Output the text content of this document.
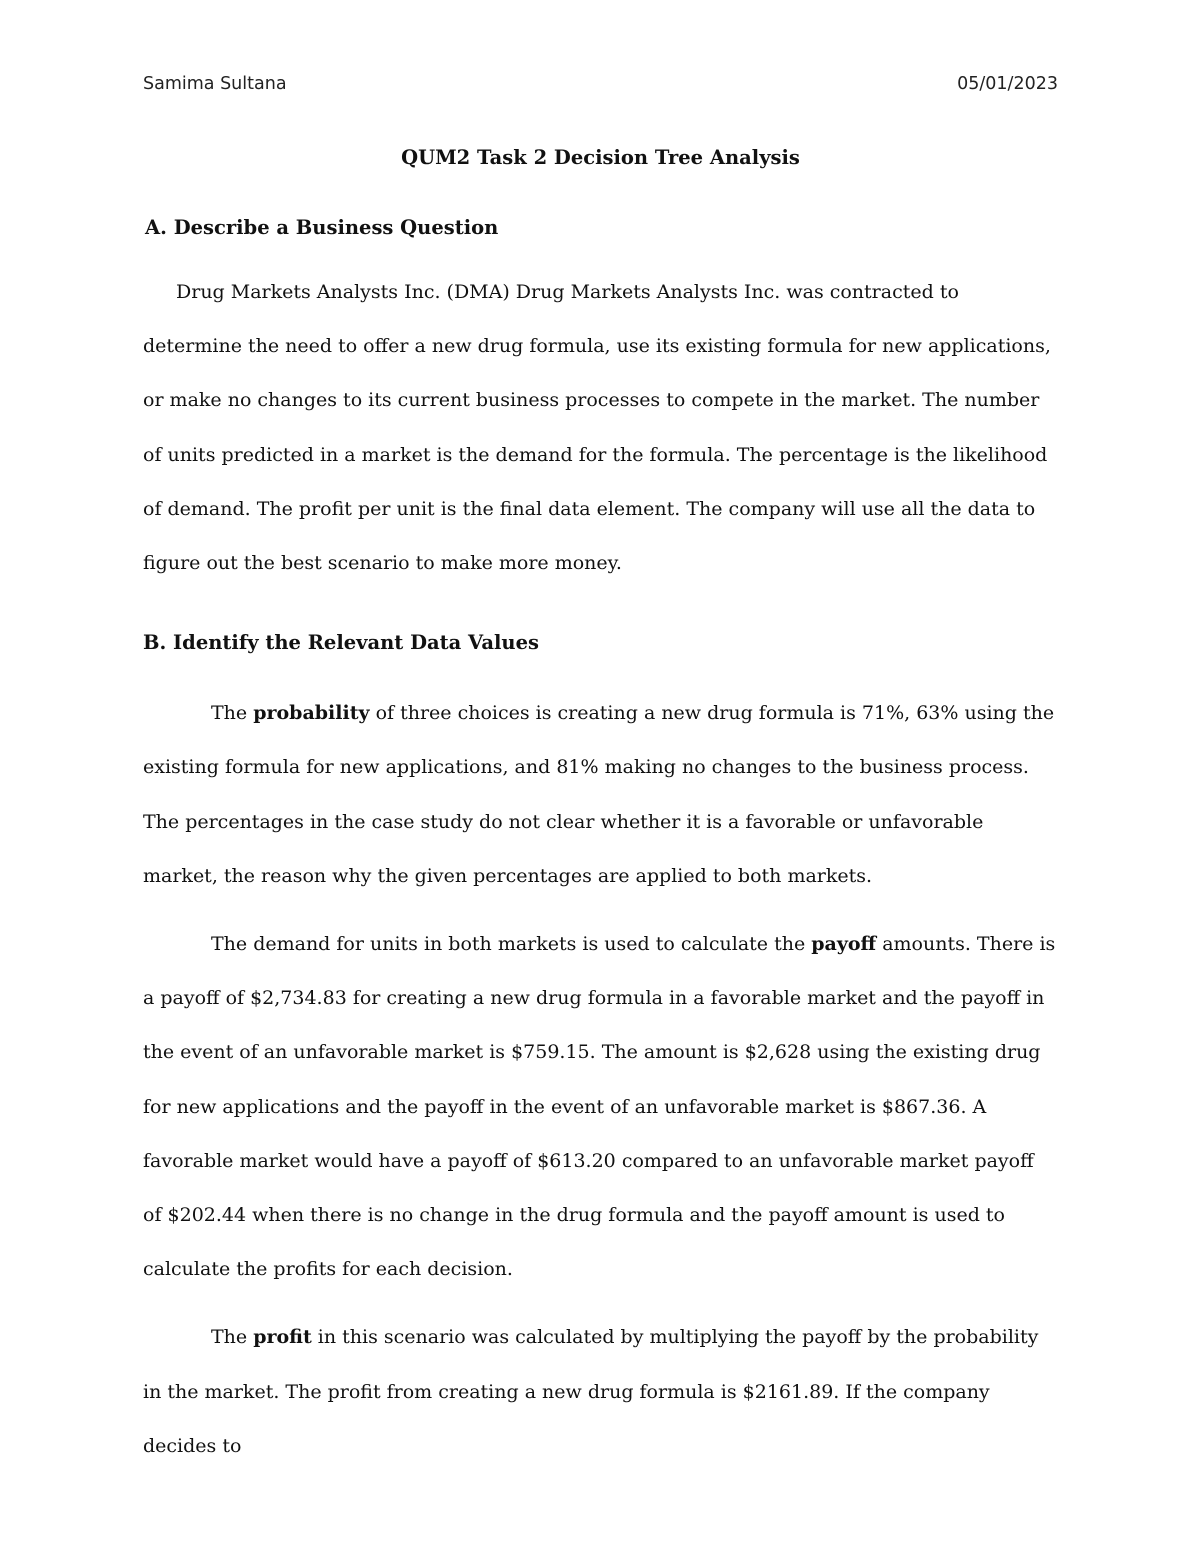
Samima Sultana	05/01/2023
QUM2 Task 2 Decision Tree Analysis
A. Describe a Business Question

Drug Markets Analysts Inc. (DMA) Drug Markets Analysts Inc. was contracted to determine the need to offer a new drug formula, use its existing formula for new applications, or make no changes to its current business processes to compete in the market. The number of units predicted in a market is the demand for the formula. The percentage is the likelihood of demand. The profit per unit is the final data element. The company will use all the data to figure out the best scenario to make more money.

B. Identify the Relevant Data Values

The probability of three choices is creating a new drug formula is 71%, 63% using the existing formula for new applications, and 81% making no changes to the business process. The percentages in the case study do not clear whether it is a favorable or unfavorable market, the reason why the given percentages are applied to both markets.

The demand for units in both markets is used to calculate the payoff amounts. There is a payoff of $2,734.83 for creating a new drug formula in a favorable market and the payoff in the event of an unfavorable market is $759.15. The amount is $2,628 using the existing drug for new applications and the payoff in the event of an unfavorable market is $867.36. A favorable market would have a payoff of $613.20 compared to an unfavorable market payoff of $202.44 when there is no change in the drug formula and the payoff amount is used to calculate the profits for each decision.

The profit in this scenario was calculated by multiplying the payoff by the probability in the market. The profit from creating a new drug formula is $2161.89. If the company decides to
